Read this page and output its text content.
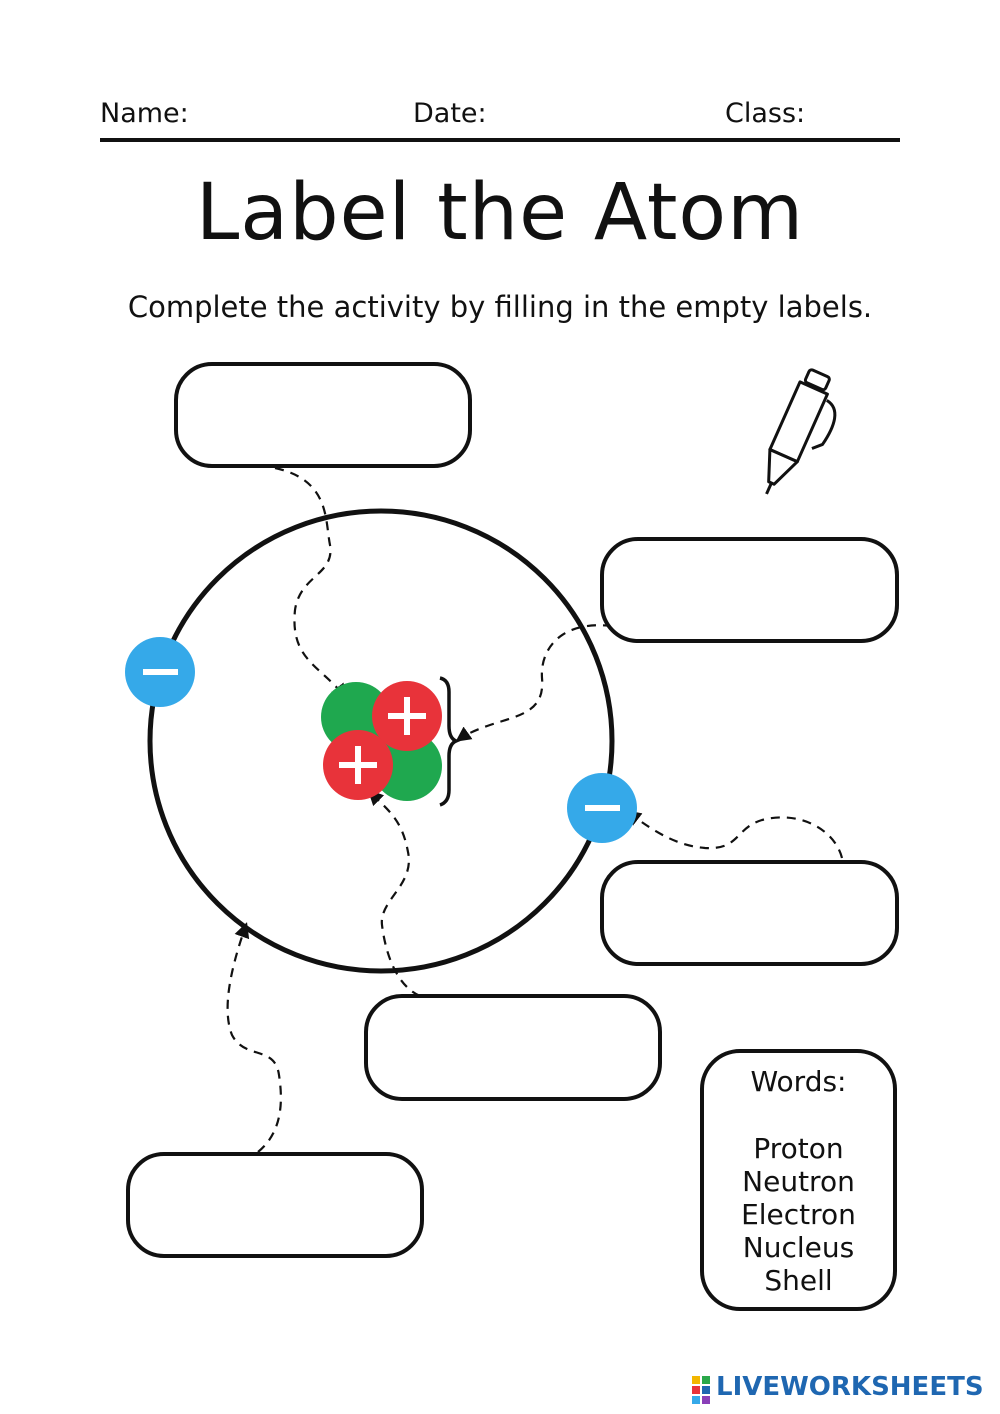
Name:	Date:	Class:
Label the Atom
Complete the activity by filling in the empty labels.
Words:
Proton
Neutron
Electron
Nucleus
Shell
LIVEWORKSHEETS
